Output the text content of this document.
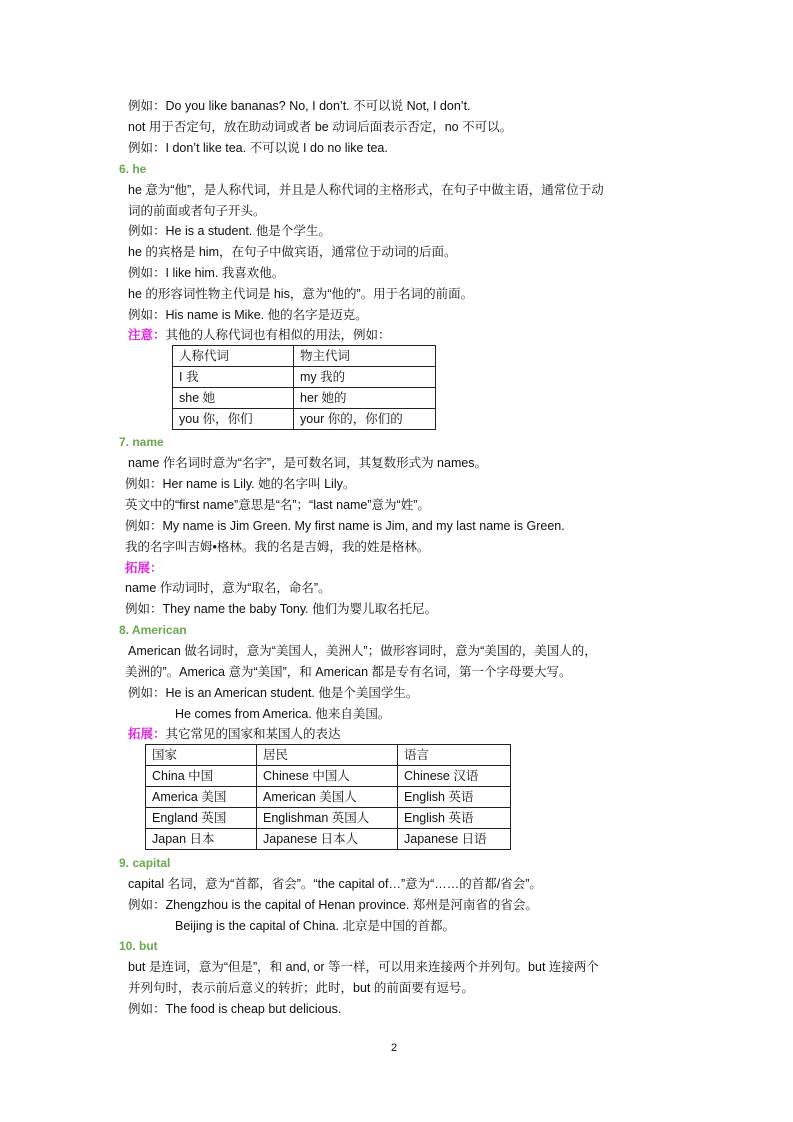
例如：Do you like bananas? No, I don’t. 不可以说 Not, I don’t.
not 用于否定句，放在助动词或者 be 动词后面表示否定，no 不可以。
例如：I don’t like tea. 不可以说 I do no like tea.
6. he
he 意为“他”，是人称代词，并且是人称代词的主格形式，在句子中做主语，通常位于动
词的前面或者句子开头。
例如：He is a student. 他是个学生。
he 的宾格是 him，在句子中做宾语，通常位于动词的后面。
例如：I like him. 我喜欢他。
he 的形容词性物主代词是 his，意为“他的”。用于名词的前面。
例如：His name is Mike. 他的名字是迈克。
注意：其他的人称代词也有相似的用法，例如：
人称代词	物主代词
I 我	my 我的
she 她	her 她的
you 你，你们	your 你的，你们的
7. name
name 作名词时意为“名字”，是可数名词，其复数形式为 names。
例如：Her name is Lily. 她的名字叫 Lily。
英文中的“first name”意思是“名”；“last name”意为“姓”。
例如：My name is Jim Green. My first name is Jim, and my last name is Green.
我的名字叫吉姆•格林。我的名是吉姆，我的姓是格林。
拓展：
name 作动词时，意为“取名，命名”。
例如：They name the baby Tony. 他们为婴儿取名托尼。
8. American
American 做名词时，意为“美国人，美洲人”；做形容词时，意为“美国的，美国人的，
美洲的”。America 意为“美国”，和 American 都是专有名词，第一个字母要大写。
例如：He is an American student. 他是个美国学生。
He comes from America. 他来自美国。
拓展：其它常见的国家和某国人的表达
国家	居民	语言
China 中国	Chinese 中国人	Chinese 汉语
America 美国	American 美国人	English 英语
England 英国	Englishman 英国人	English 英语
Japan 日本	Japanese 日本人	Japanese 日语
9. capital
capital 名词，意为“首都，省会”。“the capital of…”意为“……的首都/省会”。
例如：Zhengzhou is the capital of Henan province. 郑州是河南省的省会。
Beijing is the capital of China. 北京是中国的首都。
10. but
but 是连词，意为“但是”，和 and, or 等一样，可以用来连接两个并列句。but 连接两个
并列句时，表示前后意义的转折；此时，but 的前面要有逗号。
例如：The food is cheap but delicious.
2
